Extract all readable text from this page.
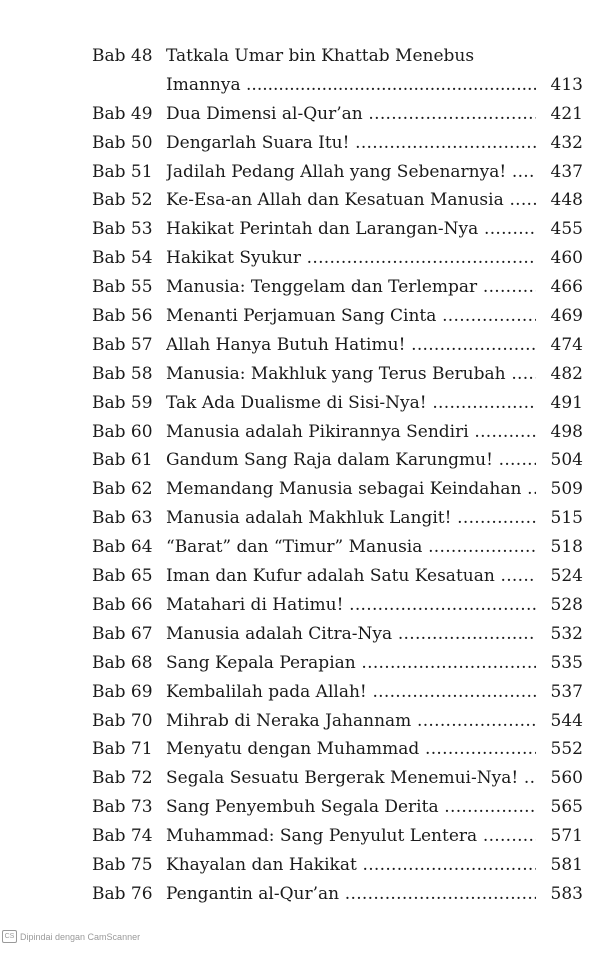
Bab 48 Tatkala Umar bin Khattab Menebus
Imannya .....	413
Bab 49 Dua Dimensi al-Qur’an .....	421
Bab 50 Dengarlah Suara Itu! .....	432
Bab 51 Jadilah Pedang Allah yang Sebenarnya! .....	437
Bab 52 Ke-Esa-an Allah dan Kesatuan Manusia .....	448
Bab 53 Hakikat Perintah dan Larangan-Nya .....	455
Bab 54 Hakikat Syukur .....	460
Bab 55 Manusia: Tenggelam dan Terlempar .....	466
Bab 56 Menanti Perjamuan Sang Cinta .....	469
Bab 57 Allah Hanya Butuh Hatimu! .....	474
Bab 58 Manusia: Makhluk yang Terus Berubah .....	482
Bab 59 Tak Ada Dualisme di Sisi-Nya! .....	491
Bab 60 Manusia adalah Pikirannya Sendiri .....	498
Bab 61 Gandum Sang Raja dalam Karungmu! .....	504
Bab 62 Memandang Manusia sebagai Keindahan .....	509
Bab 63 Manusia adalah Makhluk Langit! .....	515
Bab 64 “Barat” dan “Timur” Manusia .....	518
Bab 65 Iman dan Kufur adalah Satu Kesatuan .....	524
Bab 66 Matahari di Hatimu! .....	528
Bab 67 Manusia adalah Citra-Nya .....	532
Bab 68 Sang Kepala Perapian .....	535
Bab 69 Kembalilah pada Allah! .....	537
Bab 70 Mihrab di Neraka Jahannam .....	544
Bab 71 Menyatu dengan Muhammad .....	552
Bab 72 Segala Sesuatu Bergerak Menemui-Nya! .....	560
Bab 73 Sang Penyembuh Segala Derita .....	565
Bab 74 Muhammad: Sang Penyulut Lentera .....	571
Bab 75 Khayalan dan Hakikat .....	581
Bab 76 Pengantin al-Qur’an .....	583
CS Dipindai dengan CamScanner
